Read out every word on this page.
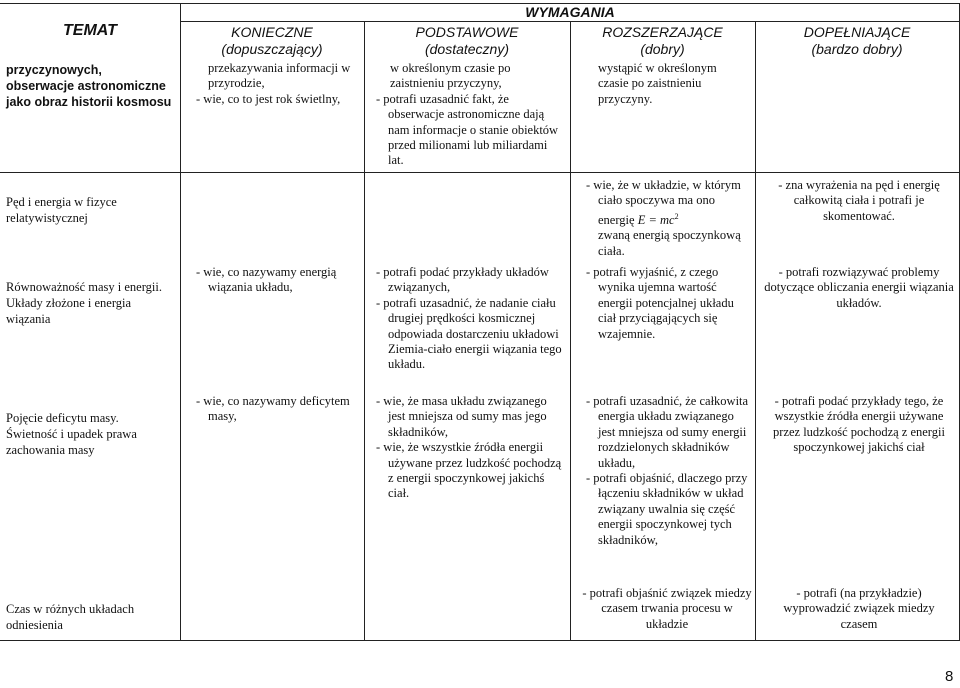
TEMAT
WYMAGANIA
KONIECZNE
(dopuszczający)
PODSTAWOWE
(dostateczny)
ROZSZERZAJĄCE
(dobry)
DOPEŁNIAJĄCE
(bardzo dobry)
przyczynowych, obserwacje astronomiczne jako obraz historii kosmosu
przekazywania informacji w przyrodzie,
- wie, co to jest rok świetlny,
w określonym czasie po zaistnieniu przyczyny,
- potrafi uzasadnić fakt, że obserwacje astronomiczne dają nam informacje o stanie obiektów przed milionami lub miliardami lat.
wystąpić w określonym czasie po zaistnieniu przyczyny.
Pęd i energia w fizyce relatywistycznej
- wie, że w układzie, w którym ciało spoczywa ma ono energię $E = mc^2$
zwaną energią spoczynkową ciała.
- zna wyrażenia na pęd i energię całkowitą ciała i potrafi je skomentować.
Równoważność masy i energii. Układy złożone i energia wiązania
- wie, co nazywamy energią wiązania układu,
- potrafi podać przykłady układów związanych,
- potrafi uzasadnić, że nadanie ciału drugiej prędkości kosmicznej odpowiada dostarczeniu układowi Ziemia-ciało energii wiązania tego układu.
- potrafi wyjaśnić, z czego wynika ujemna wartość energii potencjalnej układu ciał przyciągających się wzajemnie.
- potrafi rozwiązywać problemy dotyczące obliczania energii wiązania układów.
Pojęcie deficytu masy. Świetność i upadek prawa zachowania masy
- wie, co nazywamy deficytem masy,
- wie, że masa układu związanego jest mniejsza od sumy mas jego składników,
- wie, że wszystkie źródła energii używane przez ludzkość pochodzą z energii spoczynkowej jakichś ciał.
- potrafi uzasadnić, że całkowita energia układu związanego jest mniejsza od sumy energii rozdzielonych składników układu,
- potrafi objaśnić, dlaczego przy łączeniu składników w układ związany uwalnia się część energii spoczynkowej tych składników,
- potrafi podać przykłady tego, że wszystkie źródła energii używane przez ludzkość pochodzą z energii spoczynkowej jakichś ciał
Czas w różnych układach odniesienia
- potrafi objaśnić związek miedzy czasem trwania procesu w układzie
- potrafi (na przykładzie) wyprowadzić związek miedzy czasem
8
